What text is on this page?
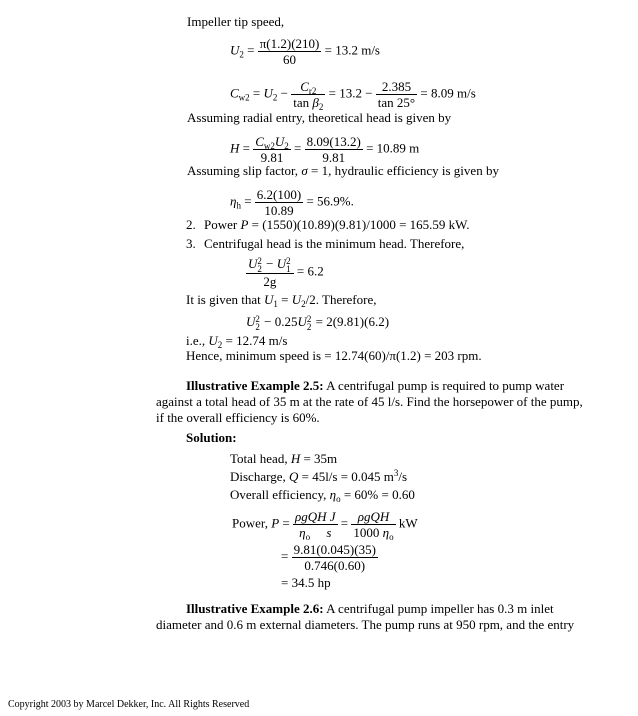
Impeller tip speed,
$U_2 = \frac{\pi(1.2)(210)}{60} = 13.2$ m/s
$C_{w2} = U_2 - \frac{C_{r2}}{\tan \beta_2} = 13.2 - \frac{2.385}{\tan 25^\circ} = 8.09$ m/s
Assuming radial entry, theoretical head is given by
$H = \frac{C_{w2}U_2}{9.81} = \frac{8.09(13.2)}{9.81} = 10.89$ m
Assuming slip factor, σ = 1, hydraulic efficiency is given by
$\eta_h = \frac{6.2(100)}{10.89} = 56.9\%$.
2. Power P = (1550)(10.89)(9.81)/1000 = 165.59 kW.
3. Centrifugal head is the minimum head. Therefore,
U 2
2 − U 2
1
2g = 6.2
It is given that $U_1 = U_2/2$. Therefore,
U 2
2 − 0.25U 2
2 = 2(9.81)(6.2)
i.e., $U_2 = 12.74$ m/s
Hence, minimum speed is = 12.74(60)/π(1.2) = 203 rpm.
Illustrative Example 2.5: A centrifugal pump is required to pump water
against a total head of 35 m at the rate of 45 l/s. Find the horsepower of the pump,
if the overall efficiency is 60%.
Solution:
Total head, H = 35m
Discharge, Q = 45l/s = 0.045 $m^3/s$
Overall efficiency, $\eta_o = 60\% = 0.60$
Power, $P = \frac{\text{ρgQH J}}{\eta_o s} = \frac{\text{ρgQH}}{1000 \eta_o}$ kW
= $\frac{9.81(0.045)(35)}{0.746(0.60)}$
= 34.5 hp
Illustrative Example 2.6: A centrifugal pump impeller has 0.3 m inlet
diameter and 0.6 m external diameters. The pump runs at 950 rpm, and the entry
Copyright 2003 by Marcel Dekker, Inc. All Rights Reserved
